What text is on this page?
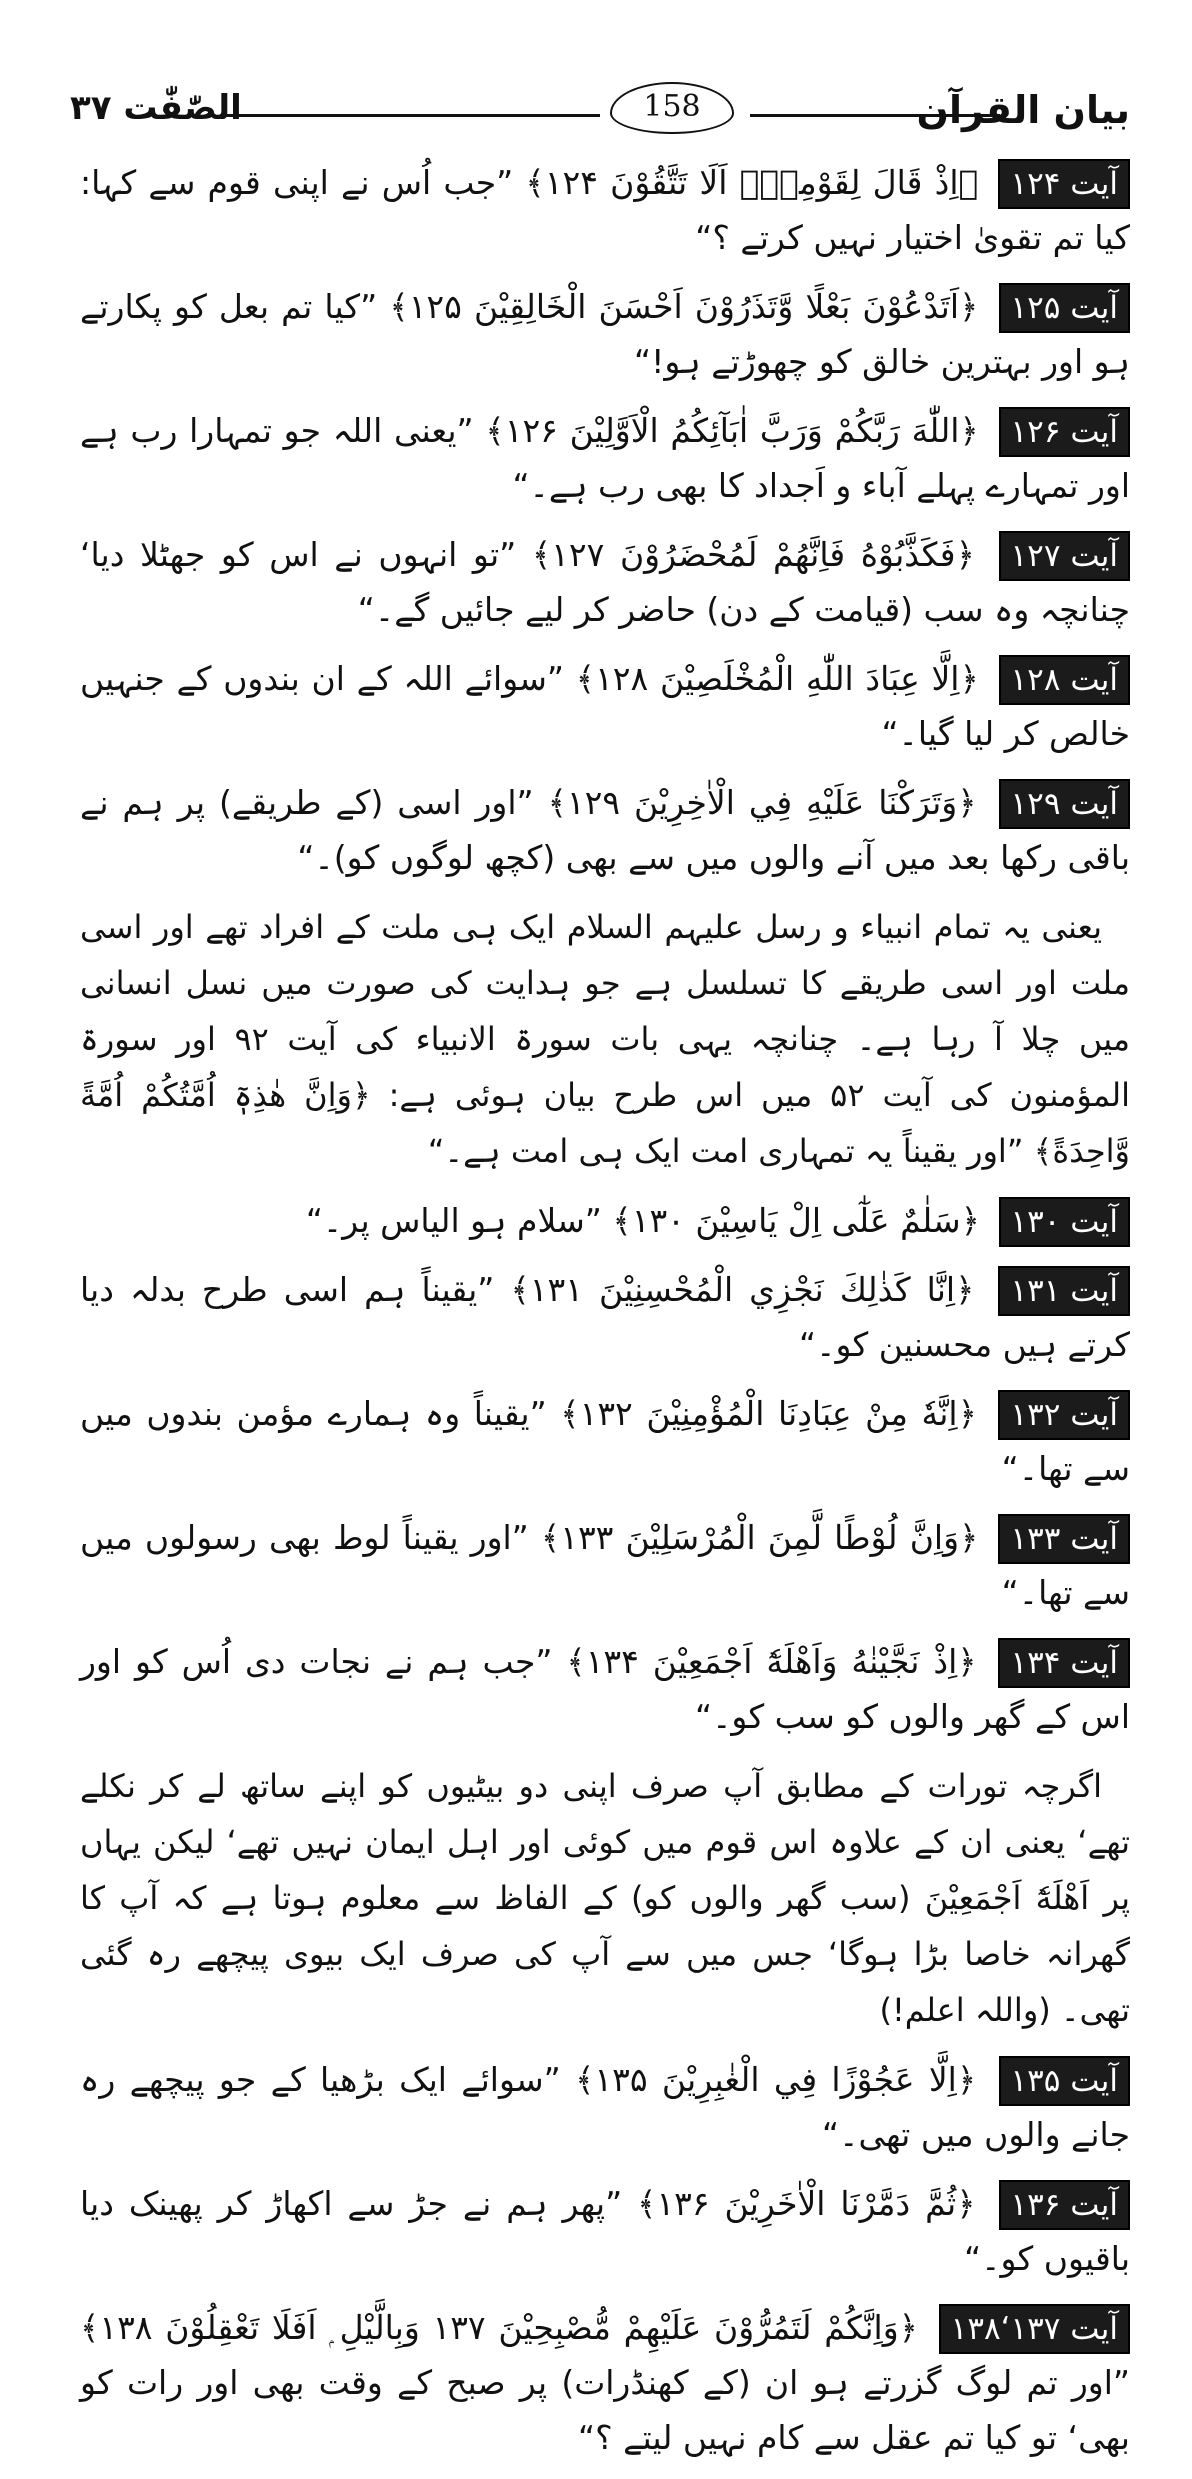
الصّٰفّٰت ۳۷	158	بیان القرآن

آیت ۱۲۴ ﴿اِذْ قَالَ لِقَوْمِهٖٓ اَلَا تَتَّقُوْنَ ۱۲۴﴾ ”جب اُس نے اپنی قوم سے کہا: کیا تم تقویٰ اختیار نہیں کرتے ؟“

آیت ۱۲۵ ﴿اَتَدْعُوْنَ بَعْلًا وَّتَذَرُوْنَ اَحْسَنَ الْخَالِقِيْنَ ۱۲۵﴾ ”کیا تم بعل کو پکارتے ہو اور بہترین خالق کو چھوڑتے ہو!“

آیت ۱۲۶ ﴿اللّٰهَ رَبَّكُمْ وَرَبَّ اٰبَآئِكُمُ الْاَوَّلِيْنَ ۱۲۶﴾ ”یعنی اللہ جو تمہارا رب ہے اور تمہارے پہلے آباء و اَجداد کا بھی رب ہے۔“

آیت ۱۲۷ ﴿فَكَذَّبُوْهُ فَاِنَّهُمْ لَمُحْضَرُوْنَ ۱۲۷﴾ ”تو انہوں نے اس کو جھٹلا دیا‘ چنانچہ وہ سب (قیامت کے دن) حاضر کر لیے جائیں گے۔“

آیت ۱۲۸ ﴿اِلَّا عِبَادَ اللّٰهِ الْمُخْلَصِيْنَ ۱۲۸﴾ ”سوائے اللہ کے ان بندوں کے جنہیں خالص کر لیا گیا۔“

آیت ۱۲۹ ﴿وَتَرَكْنَا عَلَيْهِ فِي الْاٰخِرِيْنَ ۱۲۹﴾ ”اور اسی (کے طریقے) پر ہم نے باقی رکھا بعد میں آنے والوں میں سے بھی (کچھ لوگوں کو)۔“

یعنی یہ تمام انبیاء و رسل علیہم السلام ایک ہی ملت کے افراد تھے اور اسی ملت اور اسی طریقے کا تسلسل ہے جو ہدایت کی صورت میں نسل انسانی میں چلا آ رہا ہے۔ چنانچہ یہی بات سورۃ الانبیاء کی آیت ۹۲ اور سورۃ المؤمنون کی آیت ۵۲ میں اس طرح بیان ہوئی ہے: ﴿وَاِنَّ هٰذِهٖٓ اُمَّتُكُمْ اُمَّةً وَّاحِدَةً﴾ ”اور یقیناً یہ تمہاری امت ایک ہی امت ہے۔“

آیت ۱۳۰ ﴿سَلٰمٌ عَلٰٓى اِلْ يَاسِيْنَ ۱۳۰﴾ ”سلام ہو الیاس پر۔“

آیت ۱۳۱ ﴿اِنَّا كَذٰلِكَ نَجْزِي الْمُحْسِنِيْنَ ۱۳۱﴾ ”یقیناً ہم اسی طرح بدلہ دیا کرتے ہیں محسنین کو۔“

آیت ۱۳۲ ﴿اِنَّهٗ مِنْ عِبَادِنَا الْمُؤْمِنِيْنَ ۱۳۲﴾ ”یقیناً وہ ہمارے مؤمن بندوں میں سے تھا۔“

آیت ۱۳۳ ﴿وَاِنَّ لُوْطًا لَّمِنَ الْمُرْسَلِيْنَ ۱۳۳﴾ ”اور یقیناً لوط بھی رسولوں میں سے تھا۔“

آیت ۱۳۴ ﴿اِذْ نَجَّيْنٰهُ وَاَهْلَهٗٓ اَجْمَعِيْنَ ۱۳۴﴾ ”جب ہم نے نجات دی اُس کو اور اس کے گھر والوں کو سب کو۔“

اگرچہ تورات کے مطابق آپ صرف اپنی دو بیٹیوں کو اپنے ساتھ لے کر نکلے تھے‘ یعنی ان کے علاوہ اس قوم میں کوئی اور اہل ایمان نہیں تھے‘ لیکن یہاں پر اَهْلَهٗٓ اَجْمَعِيْنَ (سب گھر والوں کو) کے الفاظ سے معلوم ہوتا ہے کہ آپ کا گھرانہ خاصا بڑا ہوگا‘ جس میں سے آپ کی صرف ایک بیوی پیچھے رہ گئی تھی۔ (واللہ اعلم!)

آیت ۱۳۵ ﴿اِلَّا عَجُوْزًا فِي الْغٰبِرِيْنَ ۱۳۵﴾ ”سوائے ایک بڑھیا کے جو پیچھے رہ جانے والوں میں تھی۔“

آیت ۱۳۶ ﴿ثُمَّ دَمَّرْنَا الْاٰخَرِيْنَ ۱۳۶﴾ ”پھر ہم نے جڑ سے اکھاڑ کر پھینک دیا باقیوں کو۔“

آیت ۱۳۷‘۱۳۸ ﴿وَاِنَّكُمْ لَتَمُرُّوْنَ عَلَيْهِمْ مُّصْبِحِيْنَ ۱۳۷ وَبِالَّيْلِ ۭ اَفَلَا تَعْقِلُوْنَ ۱۳۸﴾ ”اور تم لوگ گزرتے ہو ان (کے کھنڈرات) پر صبح کے وقت بھی اور رات کو بھی‘ تو کیا تم عقل سے کام نہیں لیتے ؟“
